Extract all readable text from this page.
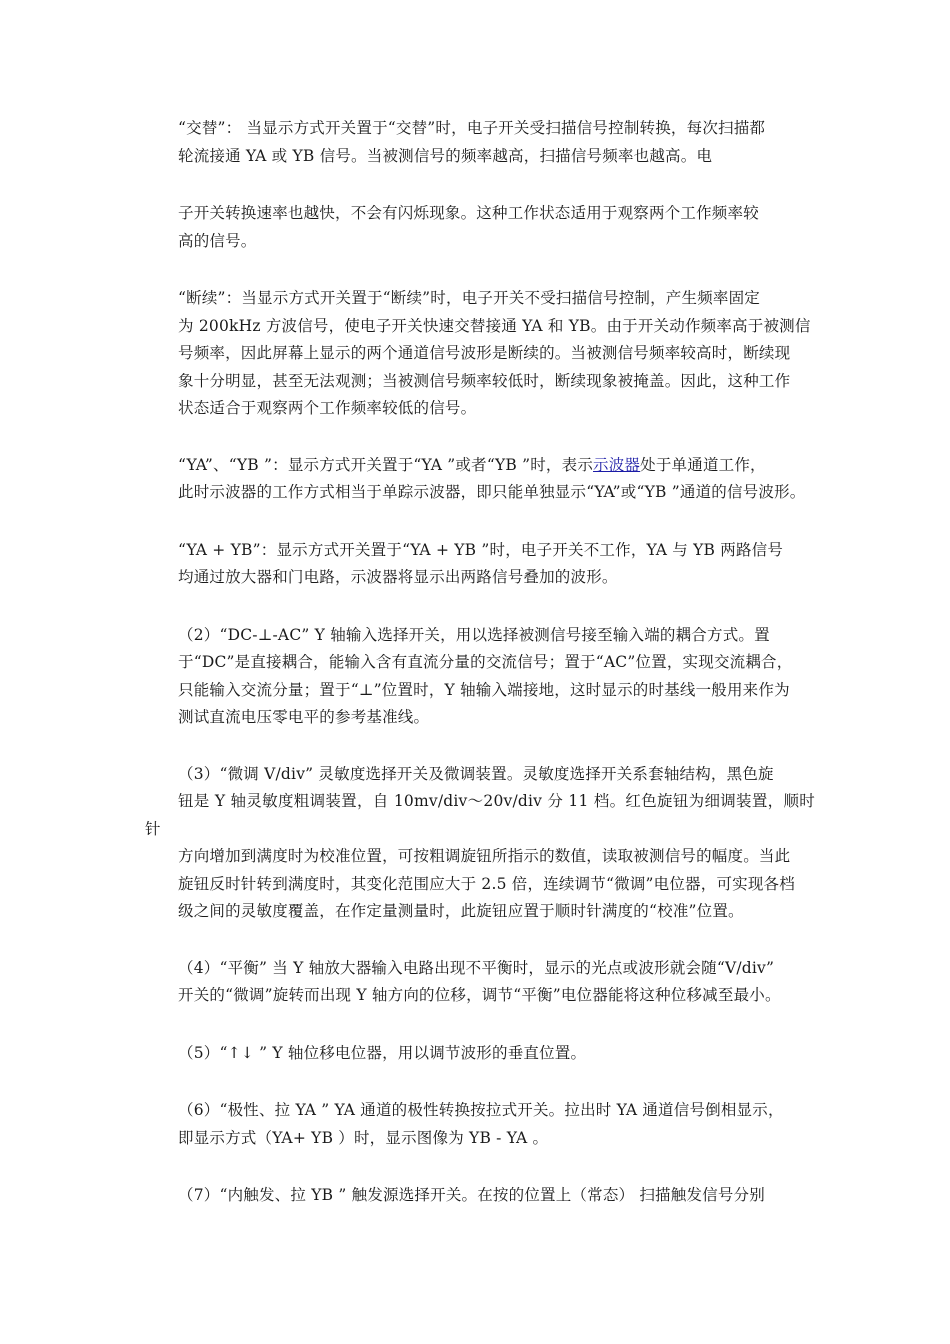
“交替”： 当显示方式开关置于“交替”时，电子开关受扫描信号控制转换，每次扫描都
轮流接通 YA 或 YB 信号。当被测信号的频率越高，扫描信号频率也越高。电

子开关转换速率也越快，不会有闪烁现象。这种工作状态适用于观察两个工作频率较
高的信号。

“断续”：当显示方式开关置于“断续”时，电子开关不受扫描信号控制，产生频率固定
为 200kHz 方波信号，使电子开关快速交替接通 YA 和 YB。由于开关动作频率高于被测信
号频率，因此屏幕上显示的两个通道信号波形是断续的。当被测信号频率较高时，断续现
象十分明显，甚至无法观测；当被测信号频率较低时，断续现象被掩盖。因此，这种工作
状态适合于观察两个工作频率较低的信号。

“YA”、“YB ”：显示方式开关置于“YA ”或者“YB ”时，表示示波器处于单通道工作，
此时示波器的工作方式相当于单踪示波器，即只能单独显示“YA”或“YB ”通道的信号波形。

“YA + YB”：显示方式开关置于“YA + YB ”时，电子开关不工作，YA 与 YB 两路信号
均通过放大器和门电路，示波器将显示出两路信号叠加的波形。

（2）“DC-⊥-AC” Y 轴输入选择开关，用以选择被测信号接至输入端的耦合方式。置
于“DC”是直接耦合，能输入含有直流分量的交流信号；置于“AC”位置，实现交流耦合，
只能输入交流分量；置于“⊥”位置时，Y 轴输入端接地，这时显示的时基线一般用来作为
测试直流电压零电平的参考基准线。

（3）“微调 V/div” 灵敏度选择开关及微调装置。灵敏度选择开关系套轴结构，黑色旋
钮是 Y 轴灵敏度粗调装置，自 10mv/div～20v/div 分 11 档。红色旋钮为细调装置，顺时针
方向增加到满度时为校准位置，可按粗调旋钮所指示的数值，读取被测信号的幅度。当此
旋钮反时针转到满度时，其变化范围应大于 2.5 倍，连续调节“微调”电位器，可实现各档
级之间的灵敏度覆盖，在作定量测量时，此旋钮应置于顺时针满度的“校准”位置。

（4）“平衡” 当 Y 轴放大器输入电路出现不平衡时，显示的光点或波形就会随“V/div”
开关的“微调”旋转而出现 Y 轴方向的位移，调节“平衡”电位器能将这种位移减至最小。

（5）“↑↓ ” Y 轴位移电位器，用以调节波形的垂直位置。

（6）“极性、拉 YA ” YA 通道的极性转换按拉式开关。拉出时 YA 通道信号倒相显示，
即显示方式（YA+ YB ）时，显示图像为 YB - YA 。

（7）“内触发、拉 YB ” 触发源选择开关。在按的位置上（常态） 扫描触发信号分别
